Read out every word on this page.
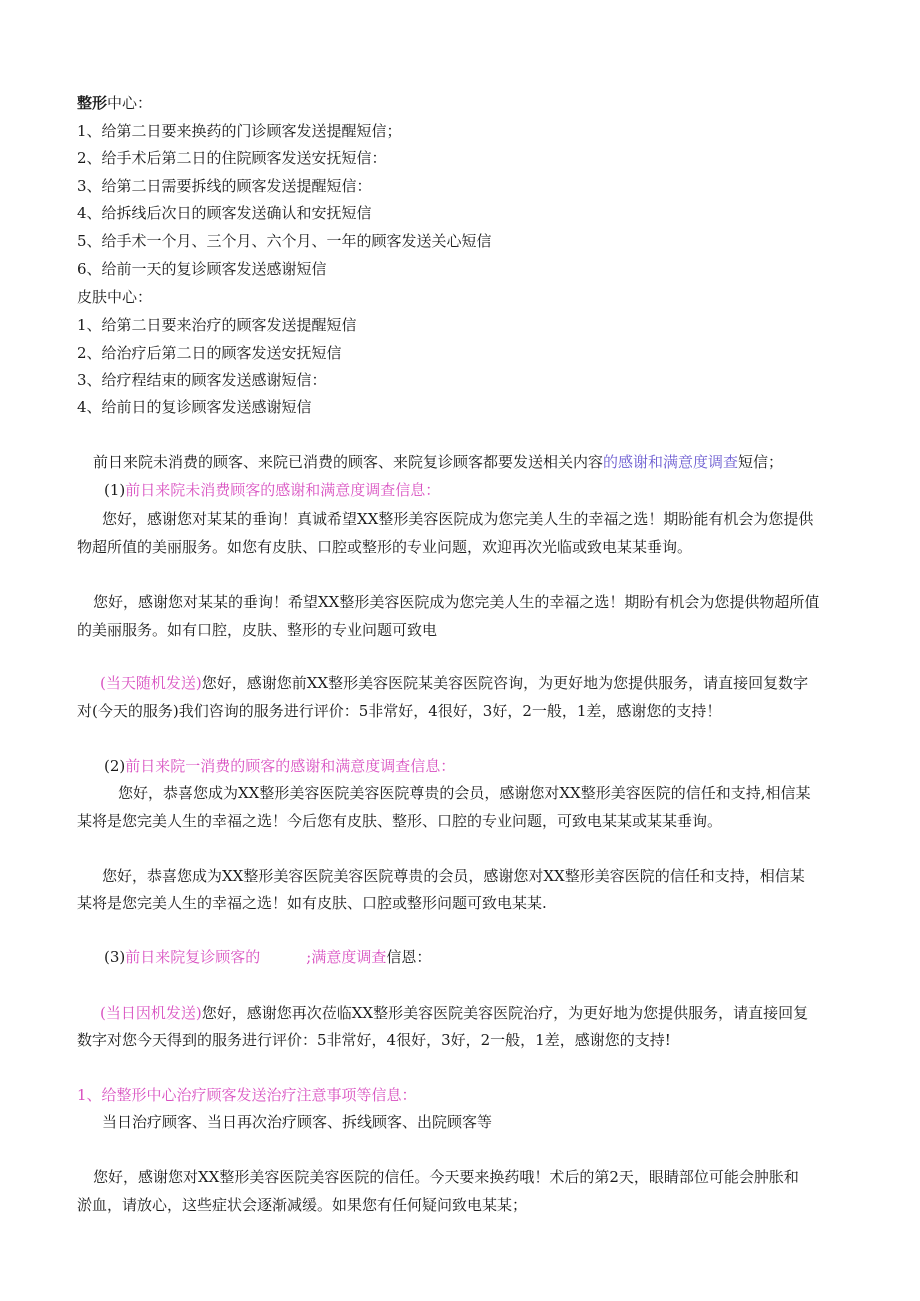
整形中心：
1、给第二日要来换药的门诊顾客发送提醒短信；
2、给手术后第二日的住院顾客发送安抚短信：
3、给第二日需要拆线的顾客发送提醒短信：
4、给拆线后次日的顾客发送确认和安抚短信
5、给手术一个月、三个月、六个月、一年的顾客发送关心短信
6、给前一天的复诊顾客发送感谢短信
皮肤中心：
1、给第二日要来治疗的顾客发送提醒短信
2、给治疗后第二日的顾客发送安抚短信
3、给疗程结束的顾客发送感谢短信：
4、给前日的复诊顾客发送感谢短信
前日来院未消费的顾客、来院已消费的顾客、来院复诊顾客都要发送相关内容的感谢和满意度调查短信；
(1)前日来院未消费顾客的感谢和满意度调查信息：
您好，感谢您对某某的垂询！真诚希望XX整形美容医院成为您完美人生的幸福之选！期盼能有机会为您提供
物超所值的美丽服务。如您有皮肤、口腔或整形的专业问题，欢迎再次光临或致电某某垂询。
您好，感谢您对某某的垂询！希望XX整形美容医院成为您完美人生的幸福之选！期盼有机会为您提供物超所值
的美丽服务。如有口腔，皮肤、整形的专业问题可致电
(当天随机发送)您好，感谢您前XX整形美容医院某美容医院咨询，为更好地为您提供服务，请直接回复数字
对(今天的服务)我们咨询的服务进行评价：5非常好，4很好，3好，2一般，1差，感谢您的支持！
(2)前日来院一消费的顾客的感谢和满意度调查信息：
您好，恭喜您成为XX整形美容医院美容医院尊贵的会员，感谢您对XX整形美容医院的信任和支持,相信某
某将是您完美人生的幸福之选！今后您有皮肤、整形、口腔的专业问题，可致电某某或某某垂询。
您好，恭喜您成为XX整形美容医院美容医院尊贵的会员，感谢您对XX整形美容医院的信任和支持，相信某
某将是您完美人生的幸福之选！如有皮肤、口腔或整形问题可致电某某.
(3)前日来院复诊顾客的	;满意度调查信恩：
(当日因机发送)您好，感谢您再次莅临XX整形美容医院美容医院治疗，为更好地为您提供服务，请直接回复
数字对您今天得到的服务进行评价：5非常好，4很好，3好，2一般，1差，感谢您的支持!
1、给整形中心治疗顾客发送治疗注意事项等信息：
当日治疗顾客、当日再次治疗顾客、拆线顾客、出院顾客等
您好，感谢您对XX整形美容医院美容医院的信任。今天要来换药哦！术后的第2天，眼睛部位可能会肿胀和
淤血，请放心，这些症状会逐渐减缓。如果您有任何疑问致电某某；
